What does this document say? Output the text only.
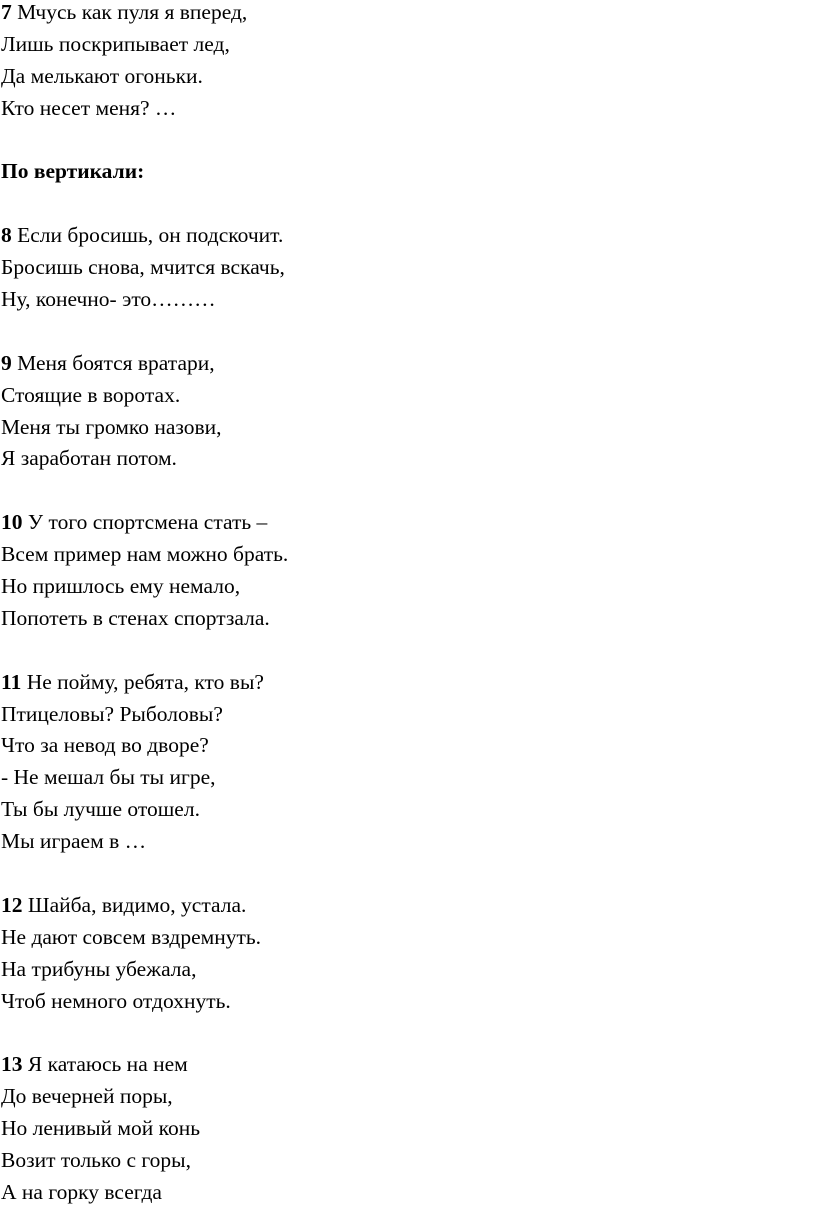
7 Мчусь как пуля я вперед,
Лишь поскрипывает лед,
Да мелькают огоньки.
Кто несет меня? …
По вертикали:
8 Если бросишь, он подскочит.
Бросишь снова, мчится вскачь,
Ну, конечно- это………
9 Меня боятся вратари,
Стоящие в воротах.
Меня ты громко назови,
Я заработан потом.
10 У того спортсмена стать –
Всем пример нам можно брать.
Но пришлось ему немало,
Попотеть в стенах спортзала.
11 Не пойму, ребята, кто вы?
Птицеловы? Рыболовы?
Что за невод во дворе?
- Не мешал бы ты игре,
Ты бы лучше отошел.
Мы играем в …
12 Шайба, видимо, устала.
Не дают совсем вздремнуть.
На трибуны убежала,
Чтоб немного отдохнуть.
13 Я катаюсь на нем
До вечерней поры,
Но ленивый мой конь
Возит только с горы,
А на горку всегда
